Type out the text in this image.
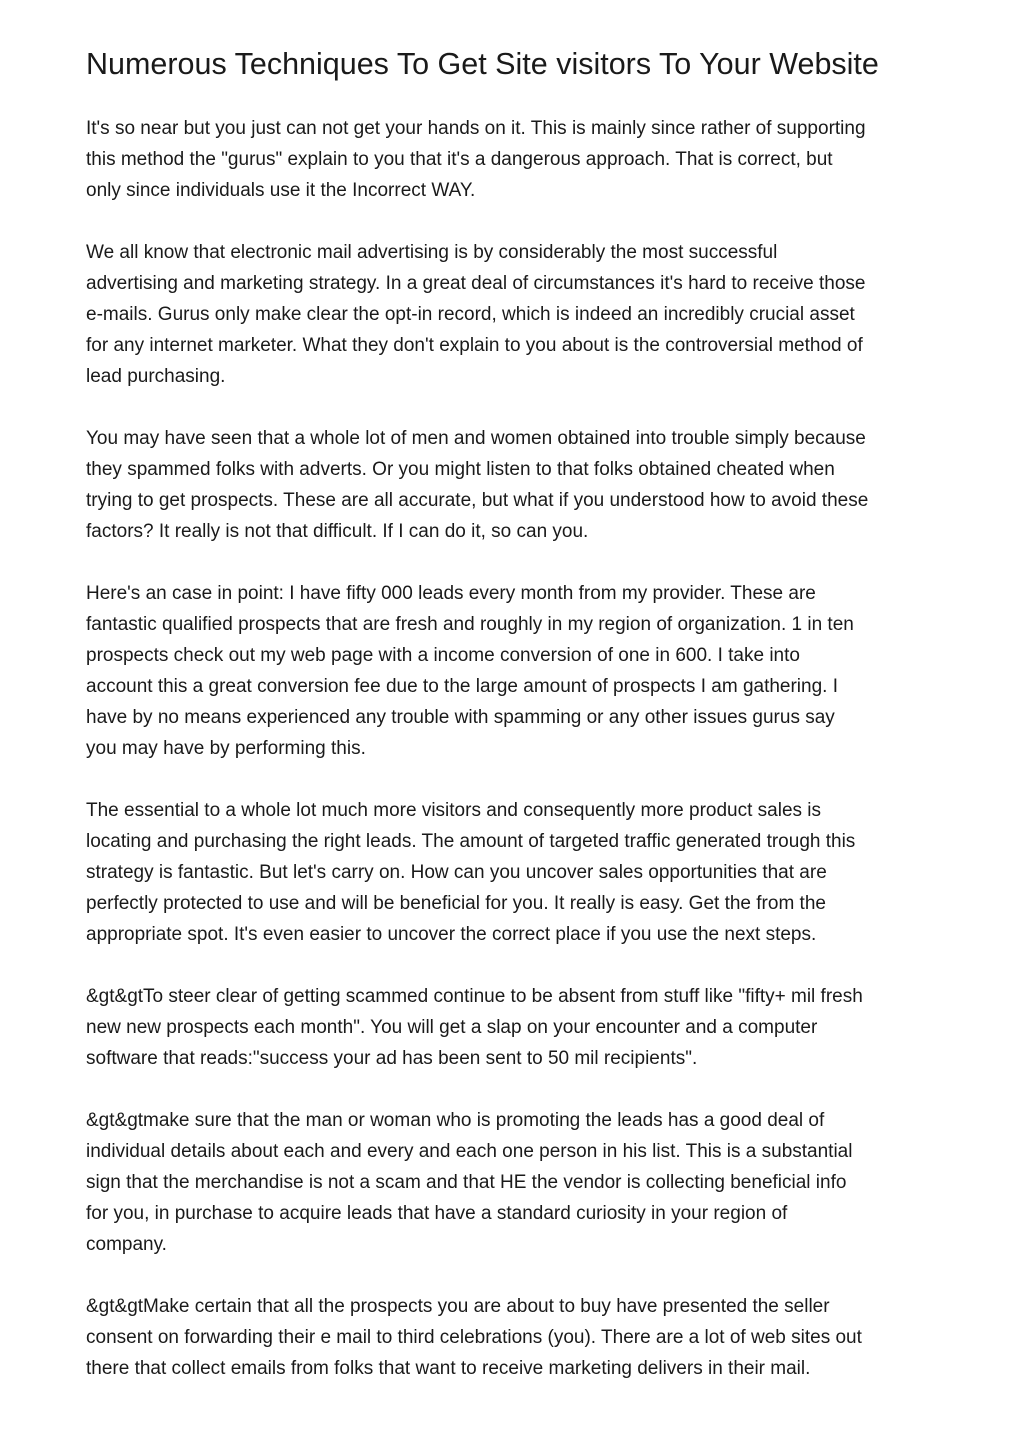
Numerous Techniques To Get Site visitors To Your Website

It's so near but you just can not get your hands on it. This is mainly since rather of supporting
this method the "gurus" explain to you that it's a dangerous approach. That is correct, but
only since individuals use it the Incorrect WAY.

We all know that electronic mail advertising is by considerably the most successful
advertising and marketing strategy. In a great deal of circumstances it's hard to receive those
e-mails. Gurus only make clear the opt-in record, which is indeed an incredibly crucial asset
for any internet marketer. What they don't explain to you about is the controversial method of
lead purchasing.

You may have seen that a whole lot of men and women obtained into trouble simply because
they spammed folks with adverts. Or you might listen to that folks obtained cheated when
trying to get prospects. These are all accurate, but what if you understood how to avoid these
factors? It really is not that difficult. If I can do it, so can you.

Here's an case in point: I have fifty 000 leads every month from my provider. These are
fantastic qualified prospects that are fresh and roughly in my region of organization. 1 in ten
prospects check out my web page with a income conversion of one in 600. I take into
account this a great conversion fee due to the large amount of prospects I am gathering. I
have by no means experienced any trouble with spamming or any other issues gurus say
you may have by performing this.

The essential to a whole lot much more visitors and consequently more product sales is
locating and purchasing the right leads. The amount of targeted traffic generated trough this
strategy is fantastic. But let's carry on. How can you uncover sales opportunities that are
perfectly protected to use and will be beneficial for you. It really is easy. Get the from the
appropriate spot. It's even easier to uncover the correct place if you use the next steps.

&gt&gtTo steer clear of getting scammed continue to be absent from stuff like "fifty+ mil fresh
new new prospects each month". You will get a slap on your encounter and a computer
software that reads:"success your ad has been sent to 50 mil recipients".

&gt&gtmake sure that the man or woman who is promoting the leads has a good deal of
individual details about each and every and each one person in his list. This is a substantial
sign that the merchandise is not a scam and that HE the vendor is collecting beneficial info
for you, in purchase to acquire leads that have a standard curiosity in your region of
company.

&gt&gtMake certain that all the prospects you are about to buy have presented the seller
consent on forwarding their e mail to third celebrations (you). There are a lot of web sites out
there that collect emails from folks that want to receive marketing delivers in their mail.
